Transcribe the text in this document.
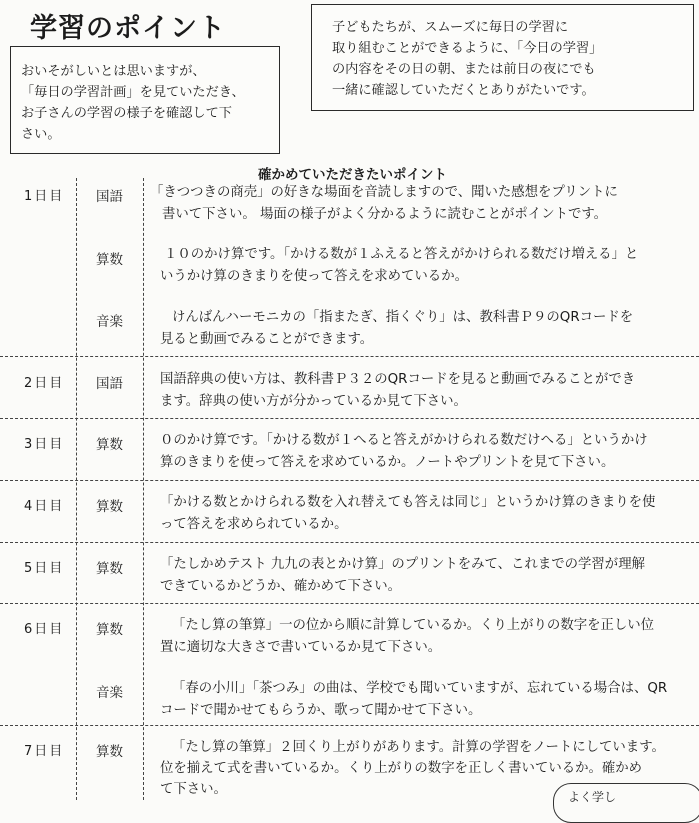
学習のポイント

おいそがしいとは思いますが、

「毎日の学習計画」を見ていただき、

お子さんの学習の様子を確認して下

さい。

子どもたちが、スムーズに毎日の学習に

取り組むことができるように、「今日の学習」

の内容をその日の朝、または前日の夜にでも

一緒に確認していただくとありがたいです。

確かめていただきたいポイント
1日目 国語 「きつつきの商売」の好きな場面を音読しますので、聞いた感想をプリントに

書いて下さい。 場面の様子がよく分かるように読むことがポイントです。

算数	１０のかけ算です。「かける数が１ふえると答えがかけられる数だけ増える」と

いうかけ算のきまりを使って答えを求めているか。

音楽	けんばんハーモニカの「指またぎ、指くぐり」は、教科書Ｐ９のQRコードを

見ると動画でみることができます。

2日目 国語	国語辞典の使い方は、教科書Ｐ３２のQRコードを見ると動画でみることができ

ます。辞典の使い方が分かっているか見て下さい。

3日目 算数	０のかけ算です。「かける数が１へると答えがかけられる数だけへる」というかけ

算のきまりを使って答えを求めているか。ノートやプリントを見て下さい。

4日目 算数	「かける数とかけられる数を入れ替えても答えは同じ」というかけ算のきまりを使

って答えを求められているか。

5日目 算数	「たしかめテスト 九九の表とかけ算」のプリントをみて、これまでの学習が理解

できているかどうか、確かめて下さい。

6日目 算数	「たし算の筆算」一の位から順に計算しているか。くり上がりの数字を正しい位

置に適切な大きさで書いているか見て下さい。

音楽	「春の小川」「茶つみ」の曲は、学校でも聞いていますが、忘れている場合は、QR

コードで聞かせてもらうか、歌って聞かせて下さい。

7日目 算数	「たし算の筆算」２回くり上がりがあります。計算の学習をノートにしています。

位を揃えて式を書いているか。くり上がりの数字を正しく書いているか。確かめ

て下さい。	よく学し
